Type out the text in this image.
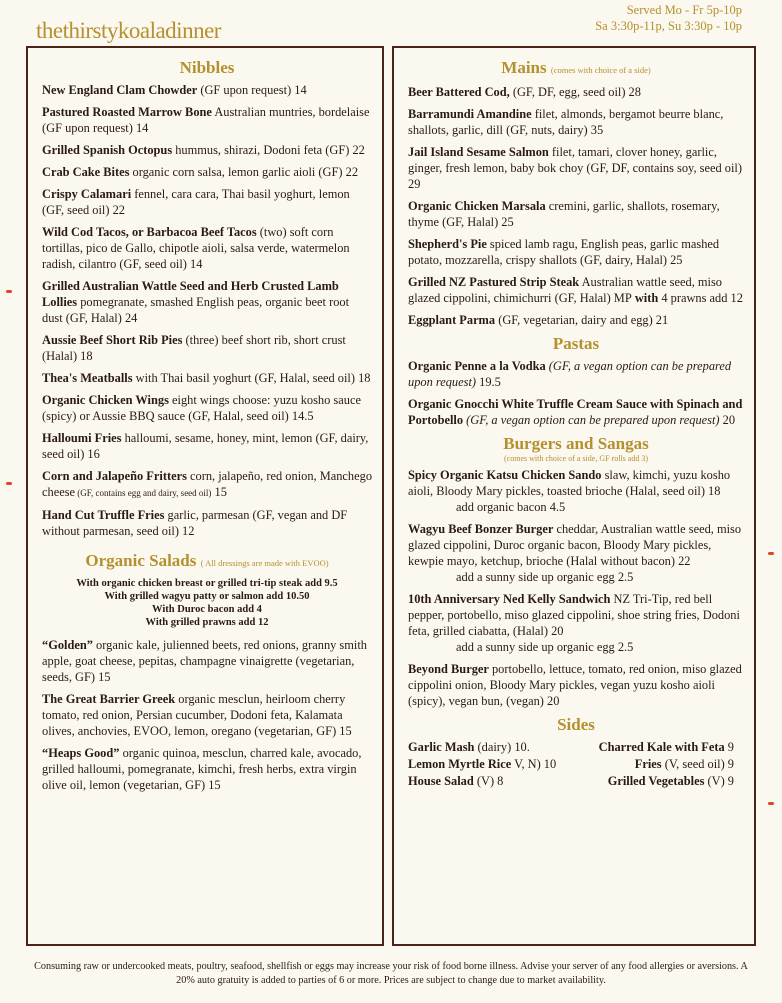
thethirstykoaladinner
Served Mo - Fr 5p-10p
Sa 3:30p-11p, Su 3:30p - 10p
Nibbles
New England Clam Chowder (GF upon request) 14
Pastured Roasted Marrow Bone Australian muntries, bordelaise (GF upon request) 14
Grilled Spanish Octopus hummus, shirazi, Dodoni feta (GF) 22
Crab Cake Bites organic corn salsa, lemon garlic aioli (GF) 22
Crispy Calamari fennel, cara cara, Thai basil yoghurt, lemon (GF, seed oil) 22
Wild Cod Tacos, or Barbacoa Beef Tacos (two) soft corn tortillas, pico de Gallo, chipotle aioli, salsa verde, watermelon radish, cilantro (GF, seed oil) 14
Grilled Australian Wattle Seed and Herb Crusted Lamb Lollies pomegranate, smashed English peas, organic beet root dust (GF, Halal) 24
Aussie Beef Short Rib Pies (three) beef short rib, short crust (Halal) 18
Thea's Meatballs with Thai basil yoghurt (GF, Halal, seed oil) 18
Organic Chicken Wings eight wings choose: yuzu kosho sauce (spicy) or Aussie BBQ sauce (GF, Halal, seed oil) 14.5
Halloumi Fries halloumi, sesame, honey, mint, lemon (GF, dairy, seed oil) 16
Corn and Jalapeño Fritters corn, jalapeño, red onion, Manchego cheese (GF, contains egg and dairy, seed oil) 15
Hand Cut Truffle Fries garlic, parmesan (GF, vegan and DF without parmesan, seed oil) 12
Organic Salads ( All dressings are made with EVOO)
With organic chicken breast or grilled tri-tip steak add 9.5
With grilled wagyu patty or salmon add 10.50
With Duroc bacon add 4
With grilled prawns add 12
“Golden” organic kale, julienned beets, red onions, granny smith apple, goat cheese, pepitas, champagne vinaigrette (vegetarian, seeds, GF) 15
The Great Barrier Greek organic mesclun, heirloom cherry tomato, red onion, Persian cucumber, Dodoni feta, Kalamata olives, anchovies, EVOO, lemon, oregano (vegetarian, GF) 15
“Heaps Good” organic quinoa, mesclun, charred kale, avocado, grilled halloumi, pomegranate, kimchi, fresh herbs, extra virgin olive oil, lemon (vegetarian, GF) 15
Mains (comes with choice of a side)
Beer Battered Cod, (GF, DF, egg, seed oil) 28
Barramundi Amandine filet, almonds, bergamot beurre blanc, shallots, garlic, dill (GF, nuts, dairy) 35
Jail Island Sesame Salmon filet, tamari, clover honey, garlic, ginger, fresh lemon, baby bok choy (GF, DF, contains soy, seed oil) 29
Organic Chicken Marsala cremini, garlic, shallots, rosemary, thyme (GF, Halal) 25
Shepherd's Pie spiced lamb ragu, English peas, garlic mashed potato, mozzarella, crispy shallots (GF, dairy, Halal) 25
Grilled NZ Pastured Strip Steak Australian wattle seed, miso glazed cippolini, chimichurri (GF, Halal) MP with 4 prawns add 12
Eggplant Parma (GF, vegetarian, dairy and egg) 21
Pastas
Organic Penne a la Vodka (GF, a vegan option can be prepared upon request) 19.5
Organic Gnocchi White Truffle Cream Sauce with Spinach and Portobello (GF, a vegan option can be prepared upon request) 20
Burgers and Sangas
(comes with choice of a side, GF rolls add 3)
Spicy Organic Katsu Chicken Sando slaw, kimchi, yuzu kosho aioli, Bloody Mary pickles, toasted brioche (Halal, seed oil) 18
add organic bacon 4.5
Wagyu Beef Bonzer Burger cheddar, Australian wattle seed, miso glazed cippolini, Duroc organic bacon, Bloody Mary pickles, kewpie mayo, ketchup, brioche (Halal without bacon) 22
add a sunny side up organic egg 2.5
10th Anniversary Ned Kelly Sandwich NZ Tri-Tip, red bell pepper, portobello, miso glazed cippolini, shoe string fries, Dodoni feta, grilled ciabatta, (Halal) 20
add a sunny side up organic egg 2.5
Beyond Burger portobello, lettuce, tomato, red onion, miso glazed cippolini onion, Bloody Mary pickles, vegan yuzu kosho aioli (spicy), vegan bun, (vegan) 20
Sides
Garlic Mash (dairy) 10.	Charred Kale with Feta 9
Lemon Myrtle Rice V, N) 10	Fries (V, seed oil) 9
House Salad (V) 8	Grilled Vegetables (V) 9
Consuming raw or undercooked meats, poultry, seafood, shellfish or eggs may increase your risk of food borne illness. Advise your server of any food allergies or aversions. A 20% auto gratuity is added to parties of 6 or more. Prices are subject to change due to market availability.
